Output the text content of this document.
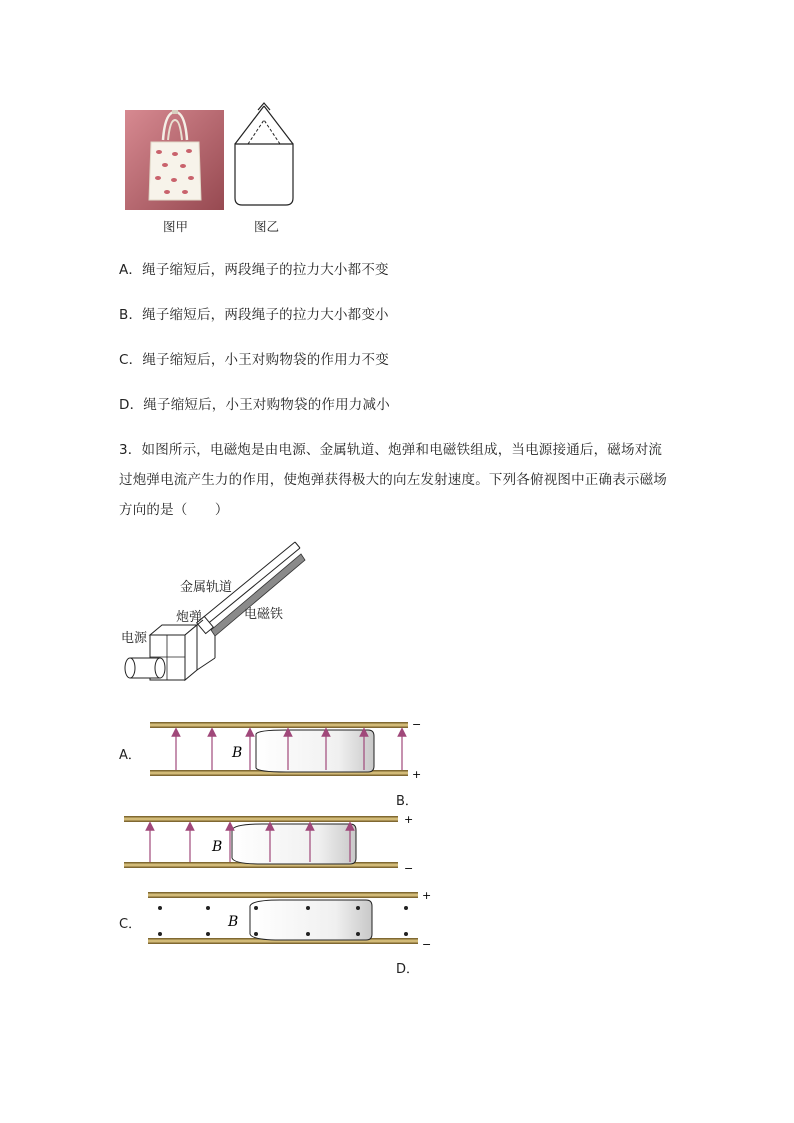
图甲	图乙
A．绳子缩短后，两段绳子的拉力大小都不变
B．绳子缩短后，两段绳子的拉力大小都变小
C．绳子缩短后，小王对购物袋的作用力不变
D．绳子缩短后，小王对购物袋的作用力减小
3．如图所示，电磁炮是由电源、金属轨道、炮弹和电磁铁组成，当电源接通后，磁场对流
过炮弹电流产生力的作用，使炮弹获得极大的向左发射速度。下列各俯视图中正确表示磁场
方向的是（　　）
金属轨道
炮弹	电磁铁
电源
A．	B
−
+
B．
B
+
−
C．	B
+
−
D．
